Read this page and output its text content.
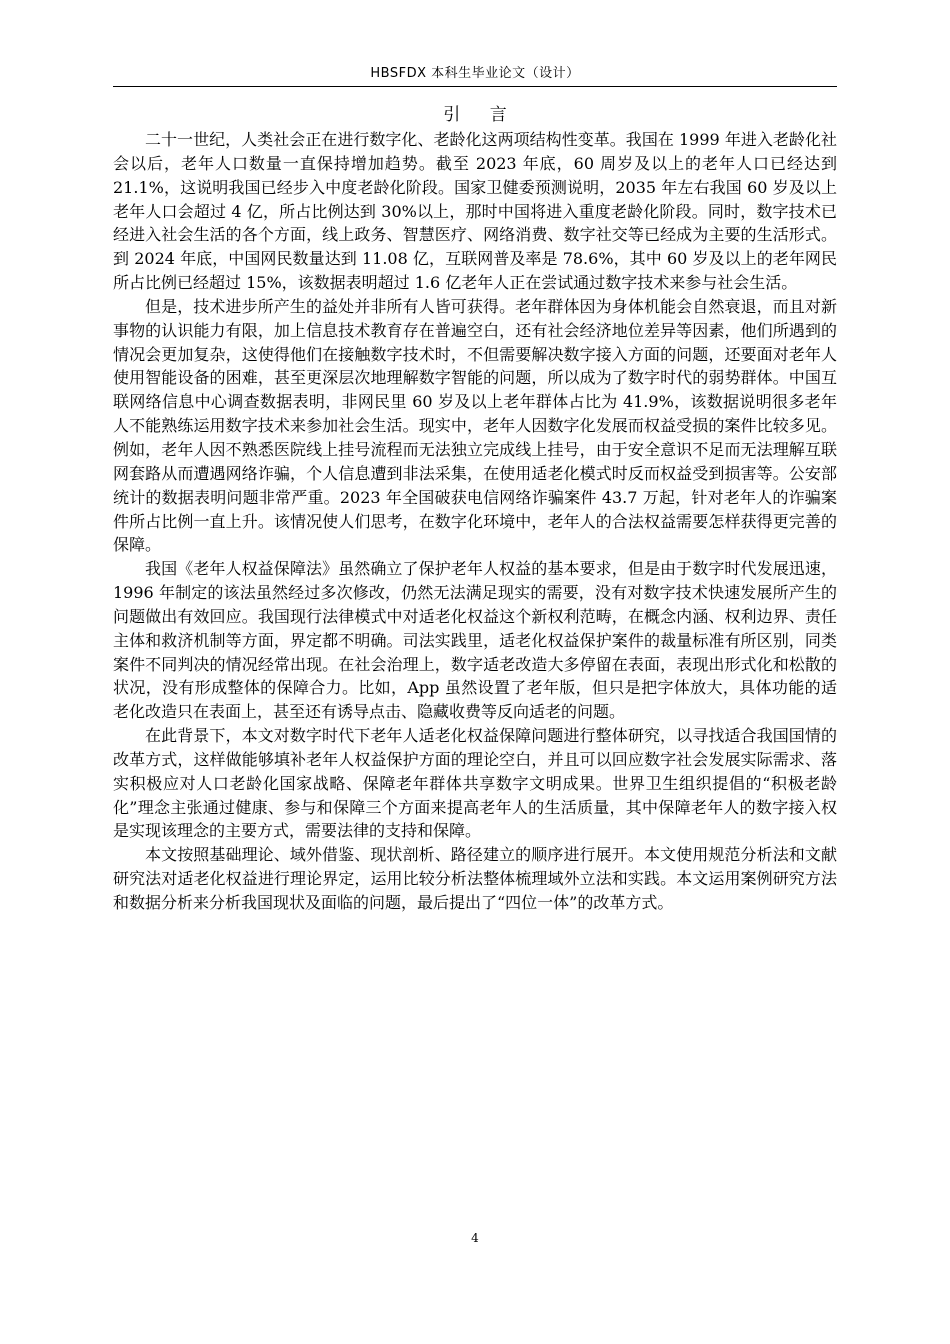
HBSFDX 本科生毕业论文（设计）
引 言

二十一世纪，人类社会正在进行数字化、老龄化这两项结构性变革。我国在 1999 年进入老龄化社会以后，老年人口数量一直保持增加趋势。截至 2023 年底，60 周岁及以上的老年人口已经达到 21.1%，这说明我国已经步入中度老龄化阶段。国家卫健委预测说明，2035 年左右我国 60 岁及以上老年人口会超过 4 亿，所占比例达到 30%以上，那时中国将进入重度老龄化阶段。同时，数字技术已经进入社会生活的各个方面，线上政务、智慧医疗、网络消费、数字社交等已经成为主要的生活形式。到 2024 年底，中国网民数量达到 11.08 亿，互联网普及率是 78.6%，其中 60 岁及以上的老年网民所占比例已经超过 15%，该数据表明超过 1.6 亿老年人正在尝试通过数字技术来参与社会生活。

但是，技术进步所产生的益处并非所有人皆可获得。老年群体因为身体机能会自然衰退，而且对新事物的认识能力有限，加上信息技术教育存在普遍空白，还有社会经济地位差异等因素，他们所遇到的情况会更加复杂，这使得他们在接触数字技术时，不但需要解决数字接入方面的问题，还要面对老年人使用智能设备的困难，甚至更深层次地理解数字智能的问题，所以成为了数字时代的弱势群体。中国互联网络信息中心调查数据表明，非网民里 60 岁及以上老年群体占比为 41.9%，该数据说明很多老年人不能熟练运用数字技术来参加社会生活。现实中，老年人因数字化发展而权益受损的案件比较多见。例如，老年人因不熟悉医院线上挂号流程而无法独立完成线上挂号，由于安全意识不足而无法理解互联网套路从而遭遇网络诈骗，个人信息遭到非法采集，在使用适老化模式时反而权益受到损害等。公安部统计的数据表明问题非常严重。2023 年全国破获电信网络诈骗案件 43.7 万起，针对老年人的诈骗案件所占比例一直上升。该情况使人们思考，在数字化环境中，老年人的合法权益需要怎样获得更完善的保障。

我国《老年人权益保障法》虽然确立了保护老年人权益的基本要求，但是由于数字时代发展迅速，1996 年制定的该法虽然经过多次修改，仍然无法满足现实的需要，没有对数字技术快速发展所产生的问题做出有效回应。我国现行法律模式中对适老化权益这个新权利范畴，在概念内涵、权利边界、责任主体和救济机制等方面，界定都不明确。司法实践里，适老化权益保护案件的裁量标准有所区别，同类案件不同判决的情况经常出现。在社会治理上，数字适老改造大多停留在表面，表现出形式化和松散的状况，没有形成整体的保障合力。比如，App 虽然设置了老年版，但只是把字体放大，具体功能的适老化改造只在表面上，甚至还有诱导点击、隐藏收费等反向适老的问题。

在此背景下，本文对数字时代下老年人适老化权益保障问题进行整体研究，以寻找适合我国国情的改革方式，这样做能够填补老年人权益保护方面的理论空白，并且可以回应数字社会发展实际需求、落实积极应对人口老龄化国家战略、保障老年群体共享数字文明成果。世界卫生组织提倡的“积极老龄化”理念主张通过健康、参与和保障三个方面来提高老年人的生活质量，其中保障老年人的数字接入权是实现该理念的主要方式，需要法律的支持和保障。

本文按照基础理论、域外借鉴、现状剖析、路径建立的顺序进行展开。本文使用规范分析法和文献研究法对适老化权益进行理论界定，运用比较分析法整体梳理域外立法和实践。本文运用案例研究方法和数据分析来分析我国现状及面临的问题，最后提出了“四位一体”的改革方式。

4
